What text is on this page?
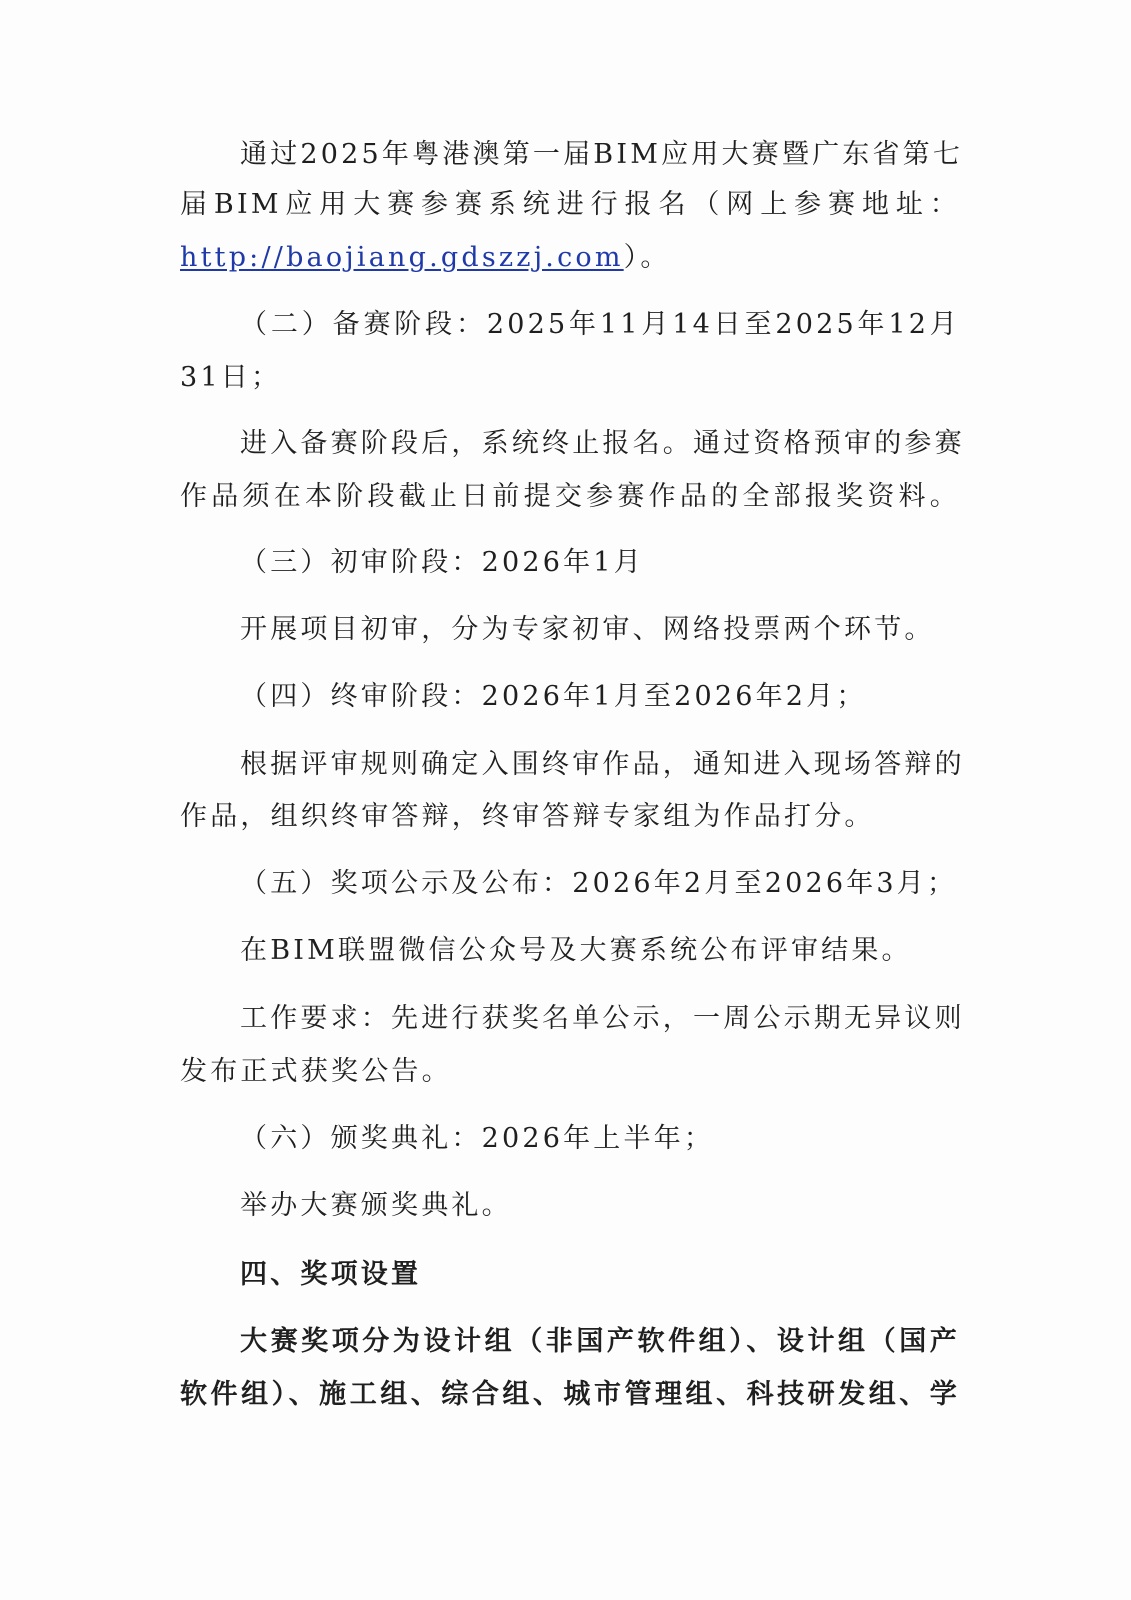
通过2025年粤港澳第一届BIM应用大赛暨广东省第七
届BIM应用大赛参赛系统进行报名（网上参赛地址：
http://baojiang.gdszzj.com）。
（二）备赛阶段：2025年11月14日至2025年12月
31日；
进入备赛阶段后，系统终止报名。通过资格预审的参赛
作品须在本阶段截止日前提交参赛作品的全部报奖资料。
（三）初审阶段：2026年1月
开展项目初审，分为专家初审、网络投票两个环节。
（四）终审阶段：2026年1月至2026年2月；
根据评审规则确定入围终审作品，通知进入现场答辩的
作品，组织终审答辩，终审答辩专家组为作品打分。
（五）奖项公示及公布：2026年2月至2026年3月；
在BIM联盟微信公众号及大赛系统公布评审结果。
工作要求：先进行获奖名单公示，一周公示期无异议则
发布正式获奖公告。
（六）颁奖典礼：2026年上半年；
举办大赛颁奖典礼。
四、奖项设置
大赛奖项分为设计组（非国产软件组）、设计组（国产
软件组）、施工组、综合组、城市管理组、科技研发组、学
